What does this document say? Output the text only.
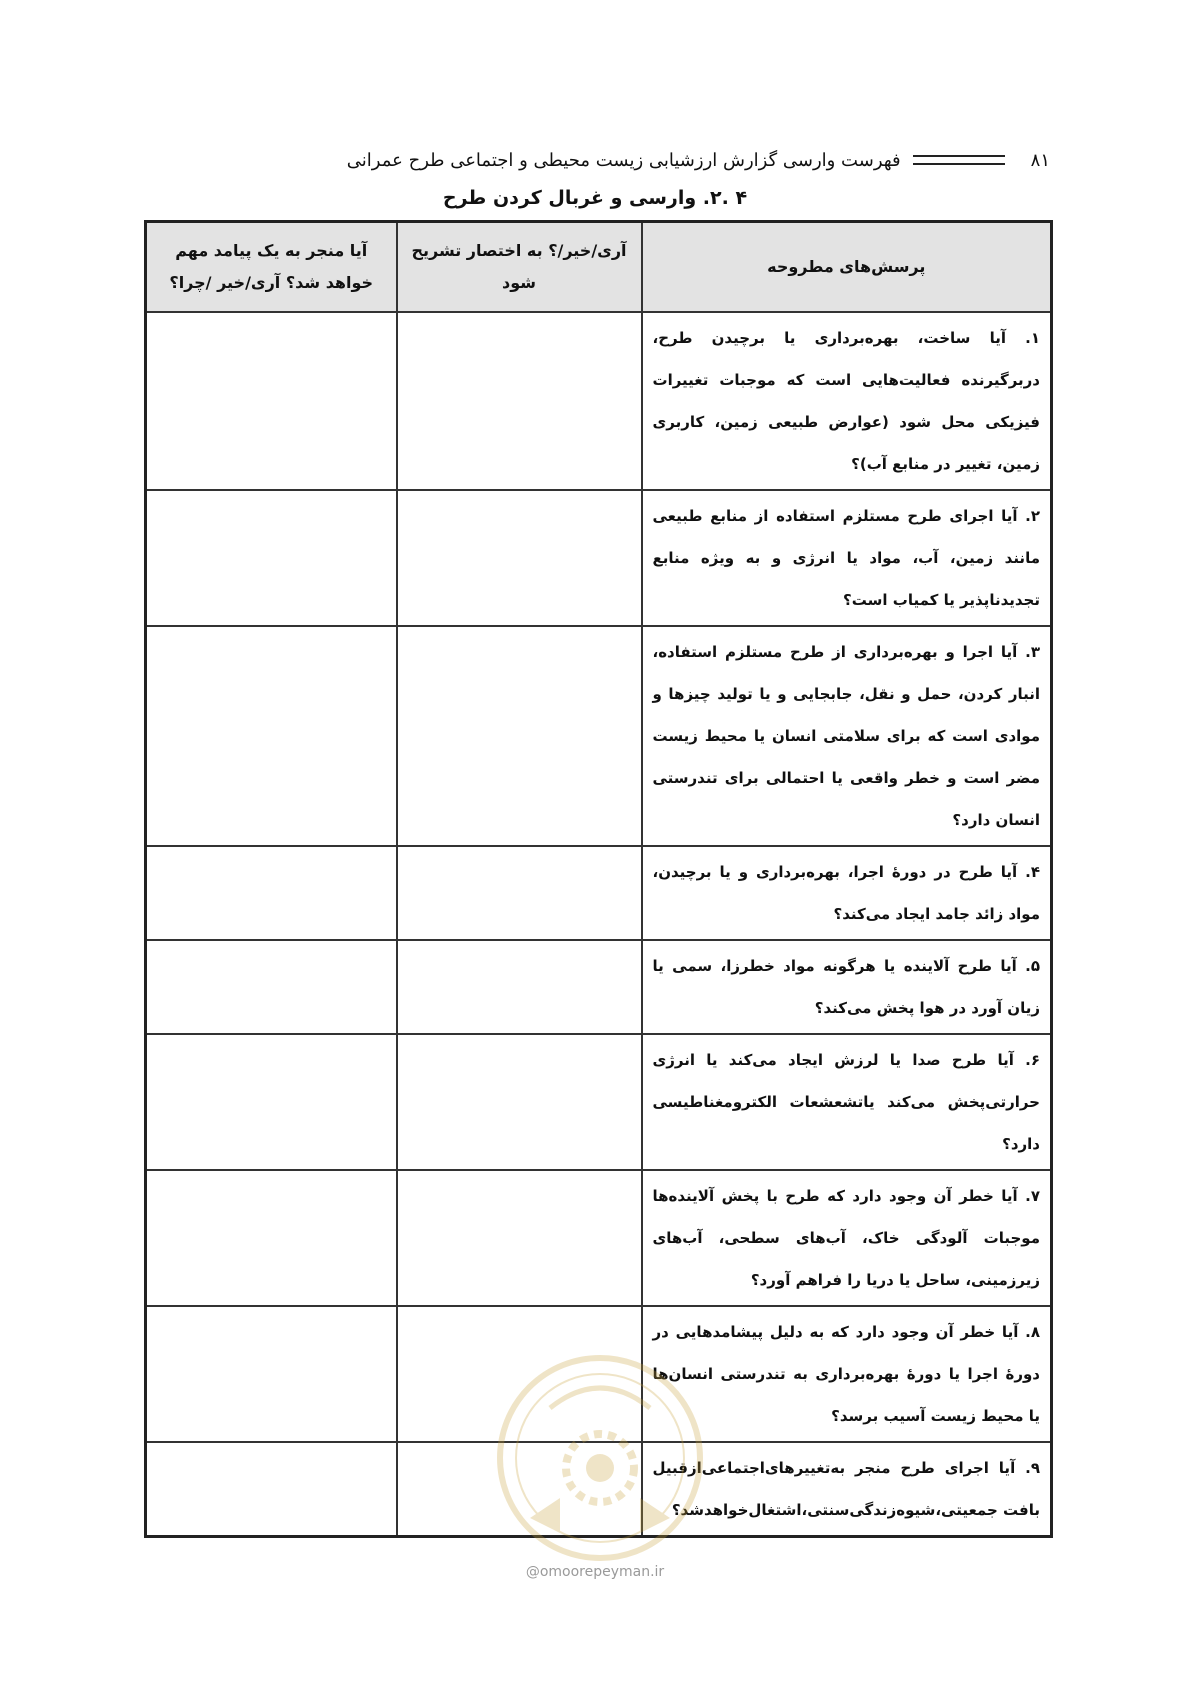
۸۱
فهرست وارسی گزارش ارزشیابی زیست محیطی و اجتماعی طرح عمرانی
۴ .۲. وارسی و غربال کردن طرح
پرسش‌های مطروحه	آری/خیر/؟ به اختصار تشریح شود	آیا منجر به یک پیامد مهم خواهد شد؟ آری/خیر /چرا؟
۱. آیا ساخت، بهره‌برداری یا برچیدن طرح، دربرگیرنده فعالیت‌هایی است که موجبات تغییرات فیزیکی محل شود (عوارض طبیعی زمین، کاربری زمین، تغییر در منابع آب)؟		
۲. آیا اجرای طرح مستلزم استفاده از منابع طبیعی مانند زمین، آب، مواد یا انرژی و به ویژه منابع تجدیدناپذیر یا کمیاب است؟		
۳. آیا اجرا و بهره‌برداری از طرح مستلزم استفاده، انبار کردن، حمل و نقل، جابجایی و یا تولید چیزها و موادی است که برای سلامتی انسان یا محیط زیست مضر است و خطر واقعی یا احتمالی برای تندرستی انسان دارد؟		
۴. آیا طرح در دورهٔ اجرا، بهره‌برداری و یا برچیدن، مواد زائد جامد ایجاد می‌کند؟		
۵. آیا طرح آلاینده یا هرگونه مواد خطرزا، سمی یا زیان آورد در هوا پخش می‌کند؟		
۶. آیا طرح صدا یا لرزش ایجاد می‌کند یا انرژی حرارتی‌پخش می‌کند یاتشعشعات الکترومغناطیسی دارد؟		
۷. آیا خطر آن وجود دارد که طرح با پخش آلاینده‌ها موجبات آلودگی خاک، آب‌های سطحی، آب‌های زیرزمینی، ساحل یا دریا را فراهم آورد؟		
۸. آیا خطر آن وجود دارد که به دلیل پیشامدهایی در دورهٔ اجرا یا دورهٔ بهره‌برداری به تندرستی انسان‌ها یا محیط زیست آسیب برسد؟		
۹. آیا اجرای طرح منجر به‌تغییرهای‌اجتماعی‌ازقبیل بافت جمعیتی،شیوه‌زندگی‌سنتی،اشتغال‌خواهدشد؟		
@omoorepeyman.ir
